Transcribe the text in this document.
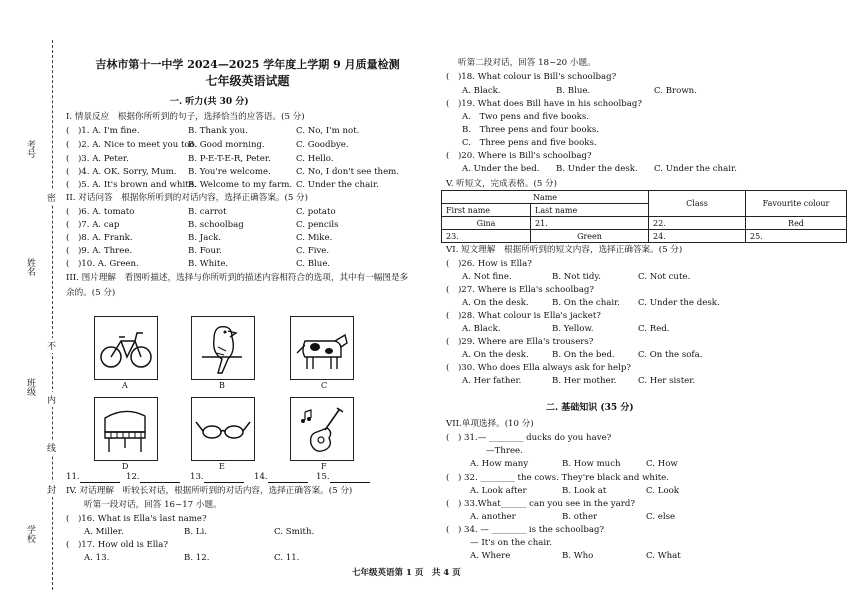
考号
姓名
班级
学校
密
不
内
线
封
吉林市第十一中学 2024—2025 学年度上学期 9 月质量检测
七年级英语试题
一. 听力(共 30 分)
I. 情景反应　根据你所听到的句子，选择恰当的应答语。(5 分)
(　)1. A. I'm fine.	B. Thank you.	C. No, I'm not.
(　)2. A. Nice to meet you too.
B. Good morning.	C. Goodbye.
(　)3. A. Peter.	B. P-E-T-E-R, Peter.	C. Hello.
(　)4. A. OK. Sorry, Mum. B. You're welcome.	C. No, I don't see them.
(　)5. A. It's brown and white.
B. Welcome to my farm. C. Under the chair.
II. 对话问答　根据你所听到的对话内容，选择正确答案。(5 分)
(　)6. A. tomato	B. carrot	C. potato
(　)7. A. cap	B. schoolbag	C. pencils
(　)8. A. Frank.	B. Jack.	C. Mike.
(　)9. A. Three.	B. Four.	C. Five.
(　)10. A. Green.	B. White.	C. Blue.
III. 图片理解　看图听描述，选择与你所听到的描述内容相符合的选项，其中有一幅图是多
余的。(5 分)
A	B	C
D	E	F
11.	12.	13.	14.	15.
IV. 对话理解　听较长对话，根据所听到的对话内容，选择正确答案。(5 分)
听第一段对话，回答 16~17 小题。
(　)16. What is Ella's last name?
A. Miller.	B. Li.	C. Smith.
(　)17. How old is Ella?
A. 13.	B. 12.	C. 11.
听第二段对话，回答 18~20 小题。
(　)18. What colour is Bill's schoolbag?
A. Black.	B. Blue.	C. Brown.
(　)19. What does Bill have in his schoolbag?
A.　Two pens and five books.
B.　Three pens and four books.
C.　Three pens and five books.
(　)20. Where is Bill's schoolbag?
A. Under the bed. B. Under the desk. C. Under the chair.
V. 听短文，完成表格。(5 分)
Name		Class	Favourite colour
First name	Last name		
Gina	21.	22.	Red
23.	Green	24.	25.
VI. 短文理解　根据所听到的短文内容，选择正确答案。(5 分)
(　)26. How is Ella?
A. Not fine.	B. Not tidy.	C. Not cute.
(　)27. Where is Ella's schoolbag?
A. On the desk.	B. On the chair. C. Under the desk.
(　)28. What colour is Ella's jacket?
A. Black.	B. Yellow.	C. Red.
(　)29. Where are Ella's trousers?
A. On the desk.	B. On the bed.	C. On the sofa.
(　)30. Who does Ella always ask for help?
A. Her father.	B. Her mother.	C. Her sister.
二. 基础知识 (35 分)
VII.单项选择。(10 分)
(　) 31.— ________ ducks do you have?
—Three.
A. How many	B. How much	C. How
(　) 32. ________ the cows. They're black and white.
A. Look after	B. Look at	C. Look
(　) 33.What______ can you see in the yard?
A. another	B. other	C. else
(　) 34. — ________ is the schoolbag?
— It's on the chair.
A. Where	B. Who	C. What
七年级英语第 1 页　共 4 页
